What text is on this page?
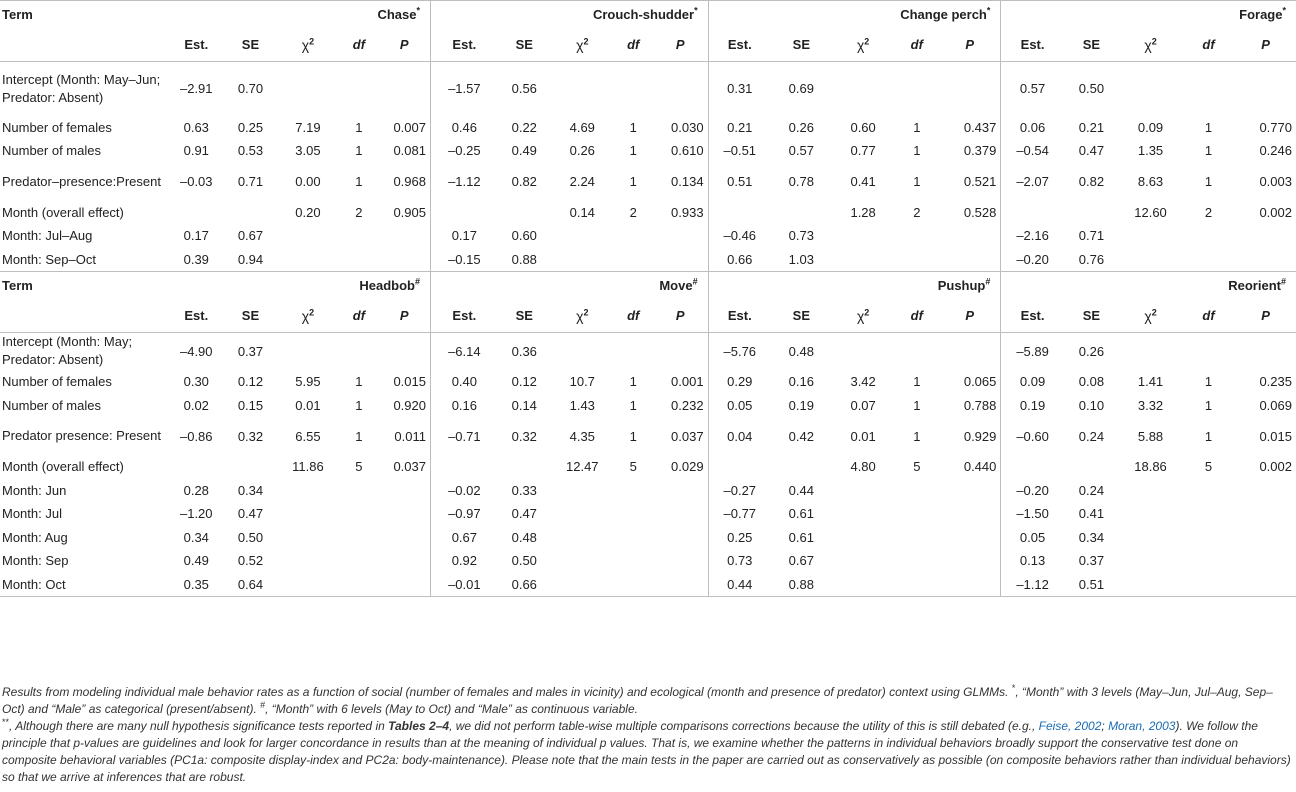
Term	Chase*					Crouch-shudder*					Change perch*					Forage*
	Est.	SE	$\chi^2$	df	P	Est.	SE	$\chi^2$	df	P	Est.	SE	$\chi^2$	df	P	Est.	SE	$\chi^2$	df	P
Intercept (Month: May–Jun; Predator: Absent)	–2.91	0.70				–1.57	0.56				0.31	0.69				0.57	0.50			
Number of females	0.63	0.25	7.19	1	0.007	0.46	0.22	4.69	1	0.030	0.21	0.26	0.60	1	0.437	0.06	0.21	0.09	1	0.770
Number of males	0.91	0.53	3.05	1	0.081	–0.25	0.49	0.26	1	0.610	–0.51	0.57	0.77	1	0.379	–0.54	0.47	1.35	1	0.246
Predator–presence:Present	–0.03	0.71	0.00	1	0.968	–1.12	0.82	2.24	1	0.134	0.51	0.78	0.41	1	0.521	–2.07	0.82	8.63	1	0.003
Month (overall effect)			0.20	2	0.905			0.14	2	0.933			1.28	2	0.528			12.60	2	0.002
Month: Jul–Aug	0.17	0.67				0.17	0.60				–0.46	0.73				–2.16	0.71			
Month: Sep–Oct	0.39	0.94				–0.15	0.88				0.66	1.03				–0.20	0.76			
Term	Headbob#					Move#					Pushup#					Reorient#
	Est.	SE	$\chi^2$	df	P	Est.	SE	$\chi^2$	df	P	Est.	SE	$\chi^2$	df	P	Est.	SE	$\chi^2$	df	P
Intercept (Month: May; Predator: Absent)	–4.90	0.37				–6.14	0.36				–5.76	0.48				–5.89	0.26			
Number of females	0.30	0.12	5.95	1	0.015	0.40	0.12	10.7	1	0.001	0.29	0.16	3.42	1	0.065	0.09	0.08	1.41	1	0.235
Number of males	0.02	0.15	0.01	1	0.920	0.16	0.14	1.43	1	0.232	0.05	0.19	0.07	1	0.788	0.19	0.10	3.32	1	0.069
Predator presence: Present	–0.86	0.32	6.55	1	0.011	–0.71	0.32	4.35	1	0.037	0.04	0.42	0.01	1	0.929	–0.60	0.24	5.88	1	0.015
Month (overall effect)			11.86	5	0.037			12.47	5	0.029			4.80	5	0.440			18.86	5	0.002
Month: Jun	0.28	0.34				–0.02	0.33				–0.27	0.44				–0.20	0.24			
Month: Jul	–1.20	0.47				–0.97	0.47				–0.77	0.61				–1.50	0.41			
Month: Aug	0.34	0.50				0.67	0.48				0.25	0.61				0.05	0.34			
Month: Sep	0.49	0.52				0.92	0.50				0.73	0.67				0.13	0.37			
Month: Oct	0.35	0.64				–0.01	0.66				0.44	0.88				–1.12	0.51			

Results from modeling individual male behavior rates as a function of social (number of females and males in vicinity) and ecological (month and presence of predator) context using GLMMs. *, “Month” with 3 levels (May–Jun, Jul–Aug, Sep–Oct) and “Male” as categorical (present/absent). #, “Month” with 6 levels (May to Oct) and “Male” as continuous variable.

**, Although there are many null hypothesis significance tests reported in Tables 2–4, we did not perform table-wise multiple comparisons corrections because the utility of this is still debated (e.g., Feise, 2002; Moran, 2003). We follow the principle that p-values are guidelines and look for larger concordance in results than at the meaning of individual p values. That is, we examine whether the patterns in individual behaviors broadly support the conservative test done on composite behavioral variables (PC1a: composite display-index and PC2a: body-maintenance). Please note that the main tests in the paper are carried out as conservatively as possible (on composite behaviors rather than individual behaviors) so that we arrive at inferences that are robust.
